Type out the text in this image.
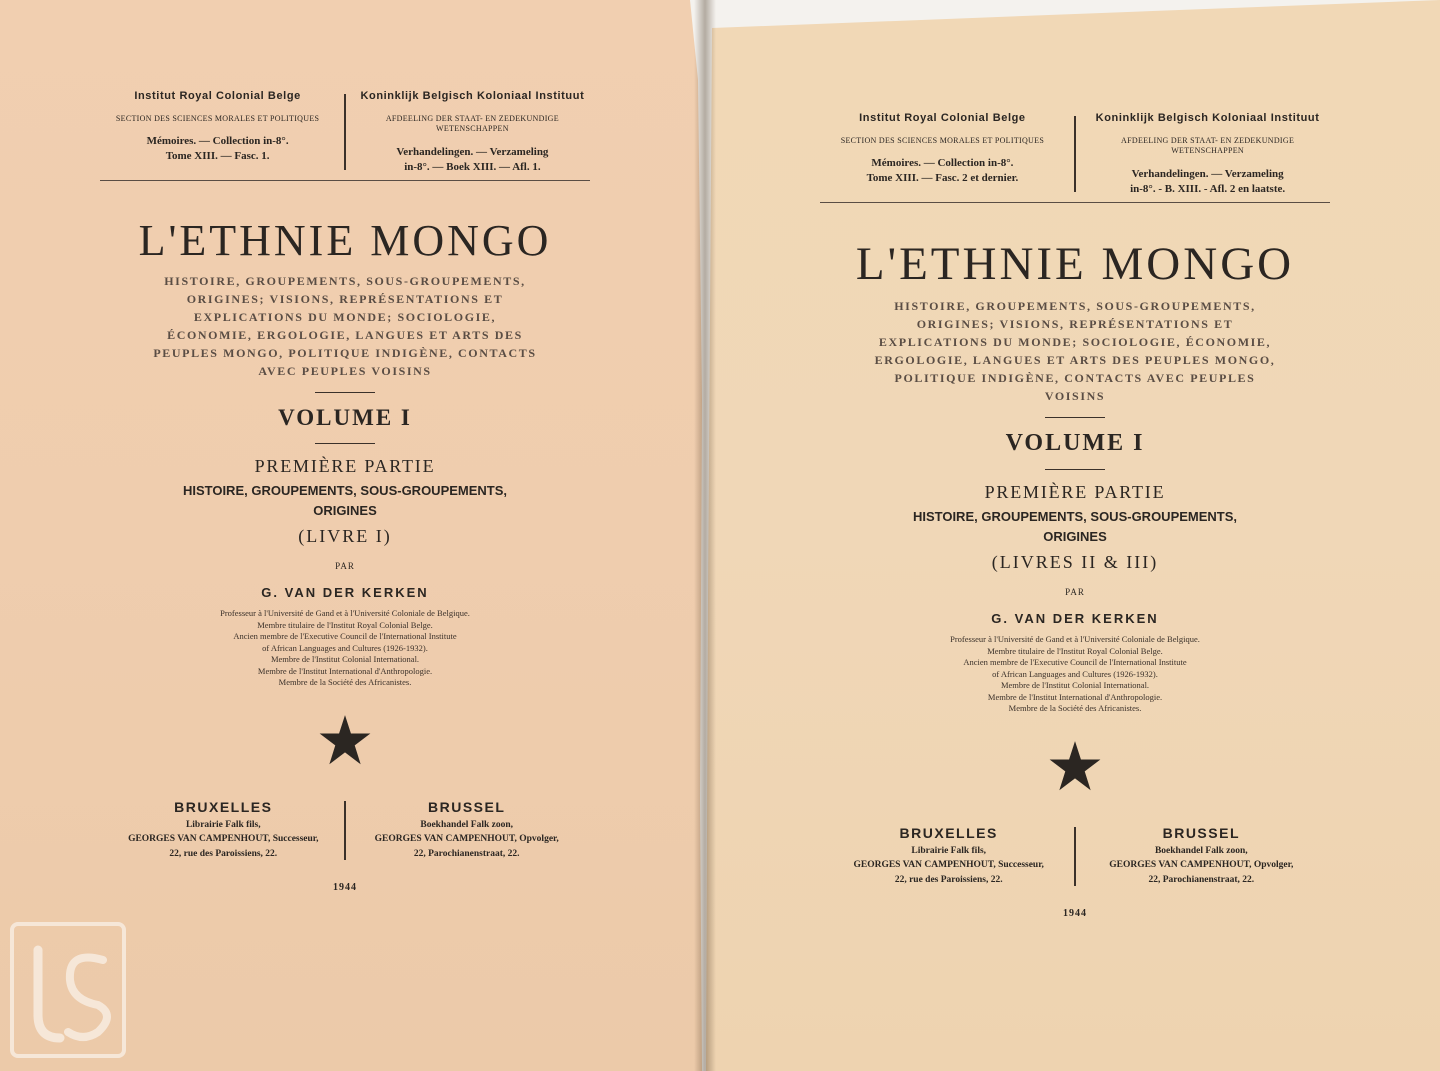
Institut Royal Colonial Belge
SECTION DES SCIENCES MORALES ET POLITIQUES
Mémoires. — Collection in-8°.
Tome XIII. — Fasc. 1.
Koninklijk Belgisch Koloniaal Instituut
AFDEELING DER STAAT- EN ZEDEKUNDIGE WETENSCHAPPEN
Verhandelingen. — Verzameling
in-8°. — Boek XIII. — Afl. 1.
L'ETHNIE MONGO
HISTOIRE, GROUPEMENTS, SOUS-GROUPEMENTS, ORIGINES; VISIONS, REPRÉSENTATIONS ET EXPLICATIONS DU MONDE; SOCIOLOGIE, ÉCONOMIE, ERGOLOGIE, LANGUES ET ARTS DES PEUPLES MONGO, POLITIQUE INDIGÈNE, CONTACTS AVEC PEUPLES VOISINS
VOLUME I
PREMIÈRE PARTIE
HISTOIRE, GROUPEMENTS, SOUS-GROUPEMENTS,
ORIGINES
(LIVRE I)
PAR
G. VAN DER KERKEN
Professeur à l'Université de Gand et à l'Université Coloniale de Belgique.
Membre titulaire de l'Institut Royal Colonial Belge.
Ancien membre de l'Executive Council de l'International Institute
of African Languages and Cultures (1926-1932).
Membre de l'Institut Colonial International.
Membre de l'Institut International d'Anthropologie.
Membre de la Société des Africanistes.
BRUXELLES
Librairie Falk fils,
GEORGES VAN CAMPENHOUT, Successeur,
22, rue des Paroissiens, 22.
BRUSSEL
Boekhandel Falk zoon,
GEORGES VAN CAMPENHOUT, Opvolger,
22, Parochianenstraat, 22.
1944
Institut Royal Colonial Belge
SECTION DES SCIENCES MORALES ET POLITIQUES
Mémoires. — Collection in-8°.
Tome XIII. — Fasc. 2 et dernier.
Koninklijk Belgisch Koloniaal Instituut
AFDEELING DER STAAT- EN ZEDEKUNDIGE WETENSCHAPPEN
Verhandelingen. — Verzameling
in-8°. - B. XIII. - Afl. 2 en laatste.
L'ETHNIE MONGO
HISTOIRE, GROUPEMENTS, SOUS-GROUPEMENTS, ORIGINES; VISIONS, REPRÉSENTATIONS ET EXPLICATIONS DU MONDE; SOCIOLOGIE, ÉCONOMIE, ERGOLOGIE, LANGUES ET ARTS DES PEUPLES MONGO, POLITIQUE INDIGÈNE, CONTACTS AVEC PEUPLES VOISINS
VOLUME I
PREMIÈRE PARTIE
HISTOIRE, GROUPEMENTS, SOUS-GROUPEMENTS,
ORIGINES
(LIVRES II & III)
PAR
G. VAN DER KERKEN
Professeur à l'Université de Gand et à l'Université Coloniale de Belgique.
Membre titulaire de l'Institut Royal Colonial Belge.
Ancien membre de l'Executive Council de l'International Institute
of African Languages and Cultures (1926-1932).
Membre de l'Institut Colonial International.
Membre de l'Institut International d'Anthropologie.
Membre de la Société des Africanistes.
BRUXELLES
Librairie Falk fils,
GEORGES VAN CAMPENHOUT, Successeur,
22, rue des Paroissiens, 22.
BRUSSEL
Boekhandel Falk zoon,
GEORGES VAN CAMPENHOUT, Opvolger,
22, Parochianenstraat, 22.
1944
